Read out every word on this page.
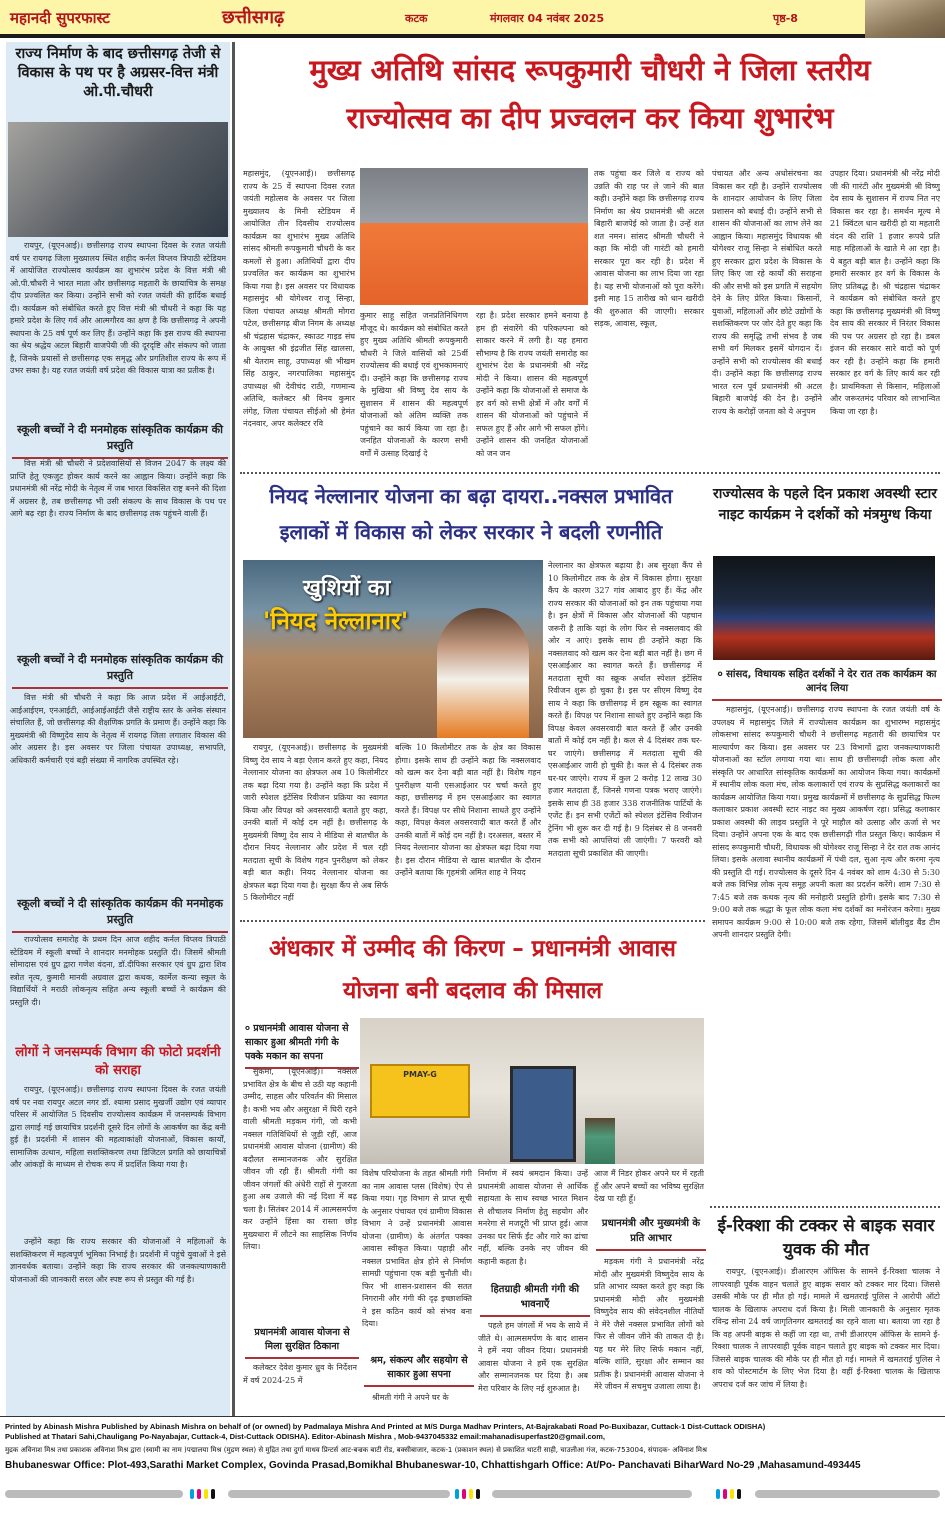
महानदी सुपरफास्ट	छत्तीसगढ़	कटक	मंगलवार 04 नवंबर 2025	पृष्ठ-8
राज्य निर्माण के बाद छत्तीसगढ़ तेजी से विकास के पथ पर है अग्रसर-वित्त मंत्री ओ.पी.चौधरी
रायपुर, (यूएनआई)। छत्तीसगढ़ राज्य स्थापना दिवस के रजत जयंती वर्ष पर रायगढ़ जिला मुख्यालय स्थित शहीद कर्नल विप्लव त्रिपाठी स्टेडियम में आयोजित राज्योत्सव कार्यक्रम का शुभारंभ प्रदेश के वित्त मंत्री श्री ओ.पी.चौधरी ने भारत माता और छत्तीसगढ़ महतारी के छायाचित्र के समक्ष दीप प्रज्वलित कर किया। उन्होंने सभी को रजत जयंती की हार्दिक बधाई दी। कार्यक्रम को संबोधित करते हुए वित्त मंत्री श्री चौधरी ने कहा कि यह हमारे प्रदेश के लिए गर्व और आत्मगौरव का क्षण है कि छत्तीसगढ़ ने अपनी स्थापना के 25 वर्ष पूर्ण कर लिए हैं। उन्होंने कहा कि इस राज्य की स्थापना का श्रेय श्रद्धेय अटल बिहारी वाजपेयी जी की दूरदृष्टि और संकल्प को जाता है, जिनके प्रयासों से छत्तीसगढ़ एक समृद्ध और प्रगतिशील राज्य के रूप में उभर सका है। यह रजत जयंती वर्ष प्रदेश की विकास यात्रा का प्रतीक है।
स्कूली बच्चों ने दी मनमोहक सांस्कृतिक कार्यक्रम की प्रस्तुति
वित्त मंत्री श्री चौधरी ने प्रदेशवासियों से विजन 2047 के लक्ष्य की प्राप्ति हेतु एकजुट होकर कार्य करने का आह्वान किया। उन्होंने कहा कि प्रधानमंत्री श्री नरेंद्र मोदी के नेतृत्व में जब भारत विकसित राष्ट्र बनने की दिशा में अग्रसर है, तब छत्तीसगढ़ भी उसी संकल्प के साथ विकास के पथ पर आगे बढ़ रहा है। राज्य निर्माण के बाद छत्तीसगढ़ तक पहुंचने वाली हैं।
स्कूली बच्चों ने दी मनमोहक सांस्कृतिक कार्यक्रम की प्रस्तुति
वित्त मंत्री श्री चौधरी ने कहा कि आज प्रदेश में आईआईटी, आईआईएम, एनआईटी, आईआईआईटी जैसे राष्ट्रीय स्तर के अनेक संस्थान संचालित हैं, जो छत्तीसगढ़ की शैक्षणिक प्रगति के प्रमाण हैं। उन्होंने कहा कि मुख्यमंत्री श्री विष्णुदेव साय के नेतृत्व में रायगढ़ जिला लगातार विकास की ओर अग्रसर है। इस अवसर पर जिला पंचायत उपाध्यक्ष, सभापति, अधिकारी कर्मचारी एवं बड़ी संख्या में नागरिक उपस्थित रहे।
स्कूली बच्चों ने दी सांस्कृतिक कार्यक्रम की मनमोहक प्रस्तुति
राज्योत्सव समारोह के प्रथम दिन आज शहीद कर्नल विप्लव त्रिपाठी स्टेडियम में स्कूली बच्चों ने शानदार मनमोहक प्रस्तुति दी। जिसमें श्रीमती सोमादास एवं ग्रुप द्वारा गणेश वंदना, डॉ.दीपिका सरकार एवं ग्रुप द्वारा शिव स्त्रोत नृत्य, कुमारी मानवी अग्रवाल द्वारा कथक, कार्मेल कन्या स्कूल के विद्यार्थियों ने मराठी लोकनृत्य सहित अन्य स्कूली बच्चों ने कार्यक्रम की प्रस्तुति दी।
लोगों ने जनसम्पर्क विभाग की फोटो प्रदर्शनी को सराहा
रायपुर, (यूएनआई)। छत्तीसगढ़ राज्य स्थापना दिवस के रजत जयंती वर्ष पर नवा रायपुर अटल नगर डॉ. श्यामा प्रसाद मुखर्जी उद्योग एवं व्यापार परिसर में आयोजित 5 दिवसीय राज्योत्सव कार्यक्रम में जनसम्पर्क विभाग द्वारा लगाई गई छायाचित्र प्रदर्शनी दूसरे दिन लोगों के आकर्षण का केंद्र बनी हुई है। प्रदर्शनी में शासन की महत्वाकांक्षी योजनाओं, विकास कार्यों, सामाजिक उत्थान, महिला सशक्तिकरण तथा डिजिटल प्रगति को छायाचित्रों और आंकड़ों के माध्यम से रोचक रूप में प्रदर्शित किया गया है।
उन्होंने कहा कि राज्य सरकार की योजनाओं ने महिलाओं के सशक्तिकरण में महत्वपूर्ण भूमिका निभाई है। प्रदर्शनी में पहुंचे युवाओं ने इसे ज्ञानवर्धक बताया। उन्होंने कहा कि राज्य सरकार की जनकल्याणकारी योजनाओं की जानकारी सरल और स्पष्ट रूप से प्रस्तुत की गई है।
मुख्य अतिथि सांसद रूपकुमारी चौधरी ने जिला स्तरीय
राज्योत्सव का दीप प्रज्वलन कर किया शुभारंभ
महासमुंद, (यूएनआई)। छत्तीसगढ़ राज्य के 25 वें स्थापना दिवस रजत जयंती महोत्सव के अवसर पर जिला मुख्यालय के मिनी स्टेडियम में आयोजित तीन दिवसीय राज्योत्सव कार्यक्रम का शुभारंभ मुख्य अतिथि सांसद श्रीमती रूपकुमारी चौधरी के कर कमलों से हुआ। अतिथियों द्वारा दीप प्रज्वलित कर कार्यक्रम का शुभारंभ किया गया है। इस अवसर पर विधायक महासमुंद श्री योगेश्वर राजू सिन्हा, जिला पंचायत अध्यक्ष श्रीमती मोगरा पटेल, छत्तीसगढ़ बीज निगम के अध्यक्ष श्री चंद्रहास चंद्राकर, स्काउट गाइड संघ के आयुक्त श्री इंद्रजीत सिंह खालसा, श्री येतराम साहू, उपाध्यक्ष श्री भीखम सिंह ठाकुर, नगरपालिका महासमुंद उपाध्यक्ष श्री देवीचंद राठी, गणमान्य अतिथि, कलेक्टर श्री विनय कुमार लंगेह, जिला पंचायत सीईओ श्री हेमंत नंदनवार, अपर कलेक्टर रवि
कुमार साहू सहित जनप्रतिनिधिगण मौजूद थे। कार्यक्रम को संबोधित करते हुए मुख्य अतिथि श्रीमती रूपकुमारी चौधरी ने जिले वासियों को 25वीं राज्योत्सव की बधाई एवं शुभकामनाएं दी। उन्होंने कहा कि छत्तीसगढ़ राज्य के मुखिया श्री विष्णु देव साय के सुशासन में शासन की महत्वपूर्ण योजनाओं को अंतिम व्यक्ति तक पहुंचाने का कार्य किया जा रहा है। जनहित योजनाओं के कारण सभी वर्गों में उत्साह दिखाई दे
रहा है। प्रदेश सरकार हमने बनाया है हम ही संवारेंगे की परिकल्पना को साकार करने में लगी है। यह हमारा सौभाग्य है कि राज्य जयंती समारोह का शुभारंभ देश के प्रधानमंत्री श्री नरेंद्र मोदी ने किया। शासन की महत्वपूर्ण उन्होंने कहा कि योजनाओं से समाज के हर वर्ग को सभी क्षेत्रों में और वर्गों में शासन की योजनाओं को पहुंचाने में सफल हुए हैं और आगे भी सफल होंगे। उन्होंने शासन की जनहित योजनाओं को जन जन
तक पहुंचा कर जिले व राज्य को उन्नति की राह पर ले जाने की बात कही। उन्होंने कहा कि छत्तीसगढ़ राज्य निर्माण का श्रेय प्रधानमंत्री श्री अटल बिहारी बाजपेई को जाता है। उन्हें शत शत नमन। सांसद श्रीमती चौधरी ने कहा कि मोदी जी गारंटी को हमारी सरकार पूरा कर रही है। प्रदेश में आवास योजना का लाभ दिया जा रहा है। यह सभी योजनाओं को पूरा करेंगे। इसी माह 15 तारीख को धान खरीदी की शुरुआत की जाएगी। सरकार सड़क, आवास, स्कूल,
पंचायत और अन्य अधोसंरचना का विकास कर रही है। उन्होंने राज्योत्सव के शानदार आयोजन के लिए जिला प्रशासन को बधाई दी। उन्होंने सभी से शासन की योजनाओं का लाभ लेने का आह्वान किया। महासमुंद विधायक श्री योगेश्वर राजू सिन्हा ने संबोधित करते हुए सरकार द्वारा प्रदेश के विकास के लिए किए जा रहे कार्यों की सराहना की और सभी को इस प्रगति में सहयोग देने के लिए प्रेरित किया। किसानों, युवाओं, महिलाओं और छोटे उद्योगों के सशक्तिकरण पर जोर देते हुए कहा कि राज्य की समृद्धि तभी संभव है जब सभी वर्ग मिलकर इसमें योगदान दें। उन्होंने सभी को राज्योत्सव की बधाई दी। उन्होंने कहा कि छत्तीसगढ़ राज्य भारत रत्न पूर्व प्रधानमंत्री श्री अटल बिहारी बाजपेई की देन है। उन्होंने राज्य के करोड़ों जनता को ये अनुपम
उपहार दिया। प्रधानमंत्री श्री नरेंद्र मोदी जी की गारंटी और मुख्यमंत्री श्री विष्णु देव साय के सुशासन में राज्य नित नए विकास कर रहा है। समर्थन मूल्य मे 21 क्विंटल धान खरीदी हो या महतारी वंदन की राशि 1 हजार रूपये प्रति माह महिलाओं के खाते मे आ रहा है। ये बहुत बड़ी बात है। उन्होंने कहा कि हमारी सरकार हर वर्ग के विकास के लिए प्रतिबद्ध है। श्री चंद्रहास चंद्राकर ने कार्यक्रम को संबोधित करते हुए कहा कि छत्तीसगढ़ मुख्यमंत्री श्री विष्णु देव साय की सरकार में निरंतर विकास की पथ पर अग्रसर हो रहा है। डबल इंजन की सरकार सारे वादों को पूर्ण कर रही है। उन्होंने कहा कि हमारी सरकार हर वर्ग के लिए कार्य कर रही है। प्राथमिकता से किसान, महिलाओं और जरूरतमंद परिवार को लाभान्वित किया जा रहा है।
नियद नेल्लानार योजना का बढ़ा दायरा..नक्सल प्रभावित
इलाकों में विकास को लेकर सरकार ने बदली रणनीति
खुशियों का
'नियद नेल्लानार'
नेल्लानार का क्षेत्रफल बढ़ाया है। अब सुरक्षा कैंप से 10 किलोमीटर तक के क्षेत्र में विकास होगा। सुरक्षा कैंप के कारण 327 गांव आबाद हुए हैं। केंद्र और राज्य सरकार की योजनाओं को इन तक पहुंचाया गया है। इन क्षेत्रों में विकास और योजनाओं की पहचान जरूरी है ताकि यहां के लोग फिर से नक्सलवाद की ओर न आएं। इसके साथ ही उन्होंने कहा कि नक्सलवाद को खत्म कर देना बड़ी बात नहीं है। छग में एसआईआर का स्वागत करते हैं। छत्तीसगढ़ में मतदाता सूची का स्क्रूक अर्थात स्पेशल इंटेंसिव रिवीजन शुरू हो चुका है। इस पर सीएम विष्णु देव साय ने कहा कि छत्तीसगढ़ में हम स्क्रूक का स्वागत करते हैं। विपक्ष पर निशाना साधते हुए उन्होंने कहा कि विपक्ष केवल अवसरवादी बात करते हैं और उनकी बातों में कोई दम नहीं है। कल से 4 दिसंबर तक घर-घर जाएंगे। छत्तीसगढ़ में मतदाता सूची की एसआईआर जारी हो चुकी है। कल से 4 दिसंबर तक घर-घर जाएंगे। राज्य में कुल 2 करोड़ 12 लाख 30 हजार मतदाता हैं, जिनसे गणना पत्रक भराए जाएंगे। इसके साथ ही 38 हजार 338 राजनीतिक पार्टियों के एजेंट हैं। इन सभी एजेंटों को स्पेशल इंटेंसिव रिवीजन ट्रेनिंग भी शुरू कर दी गई है। 9 दिसंबर से 8 जनवरी तक सभी को आपत्तियां ली जाएंगी। 7 फरवरी को मतदाता सूची प्रकाशित की जाएगी।
रायपुर, (यूएनआई)। छत्तीसगढ़ के मुख्यमंत्री विष्णु देव साय ने बड़ा ऐलान करते हुए कहा, नियद नेल्लानार योजना का क्षेत्रफल अब 10 किलोमीटर तक बढ़ा दिया गया है। उन्होंने कहा कि प्रदेश में जारी स्पेशल इंटेंसिव रिवीजन प्रक्रिया का स्वागत किया और विपक्ष को अवसरवादी बताते हुए कहा, उनकी बातों में कोई दम नहीं है। छत्तीसगढ़ के मुख्यमंत्री विष्णु देव साय ने मीडिया से बातचीत के दौरान नियद नेल्लानार और प्रदेश में चल रही मतदाता सूची के विशेष गहन पुनरीक्षण को लेकर बड़ी बात कही। नियद नेल्लानार योजना का क्षेत्रफल बढ़ा दिया गया है। सुरक्षा कैंप से अब सिर्फ 5 किलोमीटर नहीं
बल्कि 10 किलोमीटर तक के क्षेत्र का विकास होगा। इसके साथ ही उन्होंने कहा कि नक्सलवाद को खत्म कर देना बड़ी बात नहीं है। विशेष गहन पुनरीक्षण यानी एसआईआर पर चर्चा करते हुए कहा, छत्तीसगढ़ में हम एसआईआर का स्वागत करते हैं। विपक्ष पर सीधे निशाना साधते हुए उन्होंने कहा, विपक्ष केवल अवसरवादी बात करते हैं और उनकी बातों में कोई दम नहीं है। दरअसल, बस्तर में नियद नेल्लानार योजना का क्षेत्रफल बढ़ा दिया गया है। इस दौरान मीडिया से खास बातचीत के दौरान उन्होंने बताया कि गृहमंत्री अमित शाह ने नियद
राज्योत्सव के पहले दिन प्रकाश अवस्थी स्टार नाइट कार्यक्रम ने दर्शकों को मंत्रमुग्ध किया
० सांसद, विधायक सहित दर्शकों ने देर रात तक कार्यक्रम का आनंद लिया
महासमुंद, (यूएनआई)। छत्तीसगढ़ राज्य स्थापना के रजत जयंती वर्ष के उपलक्ष्य में महासमुंद जिले में राज्योत्सव कार्यक्रम का शुभारम्भ महासमुंद लोकसभा सांसद रूपकुमारी चौधरी ने छत्तीसगढ़ महतारी की छायाचित्र पर माल्यार्पण कर किया। इस अवसर पर 23 विभागों द्वारा जनकल्याणकारी योजनाओं का स्टॉल लगाया गया था। साथ ही छत्तीसगढ़ी लोक कला और संस्कृति पर आधारित सांस्कृतिक कार्यक्रमों का आयोजन किया गया। कार्यक्रमों में स्थानीय लोक कला मंच, लोक कलाकारों एवं राज्य के सुप्रसिद्ध कलाकारों का कार्यक्रम आयोजित किया गया। प्रमुख कार्यक्रमों में छत्तीसगढ़ के सुप्रसिद्ध फिल्म कलाकार प्रकाश अवस्थी स्टार नाइट का मुख्य आकर्षण रहा। प्रसिद्ध कलाकार प्रकाश अवस्थी की लाइव प्रस्तुति ने पूरे माहौल को उत्साह और ऊर्जा से भर दिया। उन्होंने अपना एक के बाद एक छत्तीसगढ़ी गीत प्रस्तुत किए। कार्यक्रम में सांसद रूपकुमारी चौधरी, विधायक श्री योगेश्वर राजू सिन्हा ने देर रात तक आनंद लिया। इसके अलावा स्थानीय कार्यक्रमों में पंथी दल, सुआ नृत्य और करमा नृत्य की प्रस्तुति दी गई। राज्योत्सव के दूसरे दिन 4 नवंबर को शाम 4:30 से 5:30 बजे तक विभिन्न लोक नृत्य समूह अपनी कला का प्रदर्शन करेंगे। शाम 7:30 से 7:45 बजे तक कथक नृत्य की मनोहारी प्रस्तुति होगी। इसके बाद 7:30 से 9:00 बजे तक श्रद्धा के फूल लोक कला मंच दर्शकों का मनोरंजन करेगा। मुख्य समापन कार्यक्रम 9:00 से 10:00 बजे तक रहेगा, जिसमें बॉलीवुड बैंड टीम अपनी शानदार प्रस्तुति देगी।
ई-रिक्शा की टक्कर से बाइक सवार युवक की मौत
रायपुर, (यूएनआई)। डीआरएम ऑफिस के सामने ई-रिक्शा चालक ने लापरवाही पूर्वक वाहन चलाते हुए बाइक सवार को टक्कर मार दिया। जिससे उसकी मौके पर ही मौत हो गई। मामले में खमतराई पुलिस ने आरोपी ऑटो चालक के खिलाफ अपराध दर्ज किया है। मिली जानकारी के अनुसार मृतक रविन्द्र सोना 24 वर्ष जागृतिनगर खमतराई का रहने वाला था। बताया जा रहा है कि वह अपनी बाइक से कहीं जा रहा था, तभी डीआरएम ऑफिस के सामने ई-रिक्शा चालक ने लापरवाही पूर्वक वाहन चलाते हुए बाइक को टक्कर मार दिया। जिससे बाइक चालक की मौके पर ही मौत हो गई। मामले में खमतराई पुलिस ने शव को पोस्टमार्टम के लिए भेज दिया है। वहीं ई-रिक्शा चालक के खिलाफ अपराध दर्ज कर जांच में लिया है।
अंधकार में उम्मीद की किरण – प्रधानमंत्री आवास
योजना बनी बदलाव की मिसाल
० प्रधानमंत्री आवास योजना से साकार हुआ श्रीमती गंगी के पक्के मकान का सपना
PMAY-G
सुकमा, (यूएनआई)। नक्सल प्रभावित क्षेत्र के बीच से उठी यह कहानी उम्मीद, साहस और परिवर्तन की मिसाल है। कभी भय और असुरक्षा में घिरी रहने वाली श्रीमती मड़कम गंगी, जो कभी नक्सल गतिविधियों से जुड़ी रहीं, आज प्रधानमंत्री आवास योजना (ग्रामीण) की बदौलत सम्मानजनक और सुरक्षित जीवन जी रही हैं। श्रीमती गंगी का जीवन जंगलों की अंधेरी राहों से गुजरता हुआ अब उजाले की नई दिशा में बढ़ चला है। सितंबर 2014 में आत्मसमर्पण कर उन्होंने हिंसा का रास्ता छोड़ मुख्यधारा में लौटने का साहसिक निर्णय लिया।
प्रधानमंत्री आवास योजना से मिला सुरक्षित ठिकाना
कलेक्टर देवेश कुमार ध्रुव के निर्देशन में वर्ष 2024-25 में
विशेष परियोजना के तहत श्रीमती गंगी का नाम आवास प्लस (विशेष) ऐप से किया गया। गृह विभाग से प्राप्त सूची के अनुसार पंचायत एवं ग्रामीण विकास विभाग ने उन्हें प्रधानमंत्री आवास योजना (ग्रामीण) के अंतर्गत पक्का आवास स्वीकृत किया। पहाड़ी और नक्सल प्रभावित क्षेत्र होने से निर्माण सामग्री पहुंचाना एक बड़ी चुनौती थी। फिर भी शासन-प्रशासन की सतत निगरानी और गंगी की दृढ़ इच्छाशक्ति ने इस कठिन कार्य को संभव बना दिया।
श्रम, संकल्प और सहयोग से साकार हुआ सपना
श्रीमती गंगी ने अपने घर के
निर्माण में स्वयं श्रमदान किया। उन्हें प्रधानमंत्री आवास योजना से आर्थिक सहायता के साथ स्वच्छ भारत मिशन से शौचालय निर्माण हेतु सहयोग और मनरेगा से मजदूरी भी प्राप्त हुई। आज उनका घर सिर्फ ईंट और गारे का ढांचा नहीं, बल्कि उनके नए जीवन की कहानी कहता है।
हितग्राही श्रीमती गंगी की भावनाएँ
पहले हम जंगलों में भय के साये में जीते थे। आत्मसमर्पण के बाद शासन ने हमें नया जीवन दिया। प्रधानमंत्री आवास योजना ने हमें एक सुरक्षित और सम्मानजनक घर दिया है। अब मेरा परिवार के लिए नई शुरुआत है।
आज मैं निडर होकर अपने घर में रहती हूँ और अपने बच्चों का भविष्य सुरक्षित देख पा रही हूँ।
प्रधानमंत्री और मुख्यमंत्री के प्रति आभार
मड़कम गंगी ने प्रधानमंत्री नरेंद्र मोदी और मुख्यमंत्री विष्णुदेव साय के प्रति आभार व्यक्त करते हुए कहा कि प्रधानमंत्री मोदी और मुख्यमंत्री विष्णुदेव साय की संवेदनशील नीतियों ने मेरे जैसे नक्सल प्रभावित लोगों को फिर से जीवन जीने की ताकत दी है। यह घर मेरे लिए सिर्फ मकान नहीं, बल्कि शांति, सुरक्षा और सम्मान का प्रतीक है। प्रधानमंत्री आवास योजना ने मेरे जीवन में सचमुच उजाला लाया है।
Printed by Abinash Mishra Published by Abinash Mishra on behalf of (or owned) by Padmalaya Mishra And Printed at M/S Durga Madhav Printers, At-Bajrakabati Road Po-Buxibazar, Cuttack-1 Dist-Cuttack ODISHA)
Published at Thatari Sahi,Chauligang Po-Nayabajar, Cuttack-4, Dist-Cuttack ODISHA). Editor-Abinash Mishra , Mob-9437045332 email:mahanadisuperfast20@gmail.com,
मुद्रक अविनाश मिश्र तथा प्रकाशक अविनाश मिश्र द्वारा (स्वामी का नाम )पद्मालया मिश्र (मुद्रण स्थल) से मुद्रित तथा दुर्गा माधव प्रिन्टर्स आट-बज्रक बाटी रोड, बक्सीबाजार, कटक-1 (प्रकाशन स्थल) से प्रकाशित थाटरी साही, चाउलीआ गंज, कटक-753004, संपादक- अविनाश मिश्र
Bhubaneswar Office: Plot-493,Sarathi Market Complex, Govinda Prasad,Bomikhal Bhubaneswar-10, Chhattishgarh Office: At/Po- Panchavati BiharWard No-29 ,Mahasamund-493445
